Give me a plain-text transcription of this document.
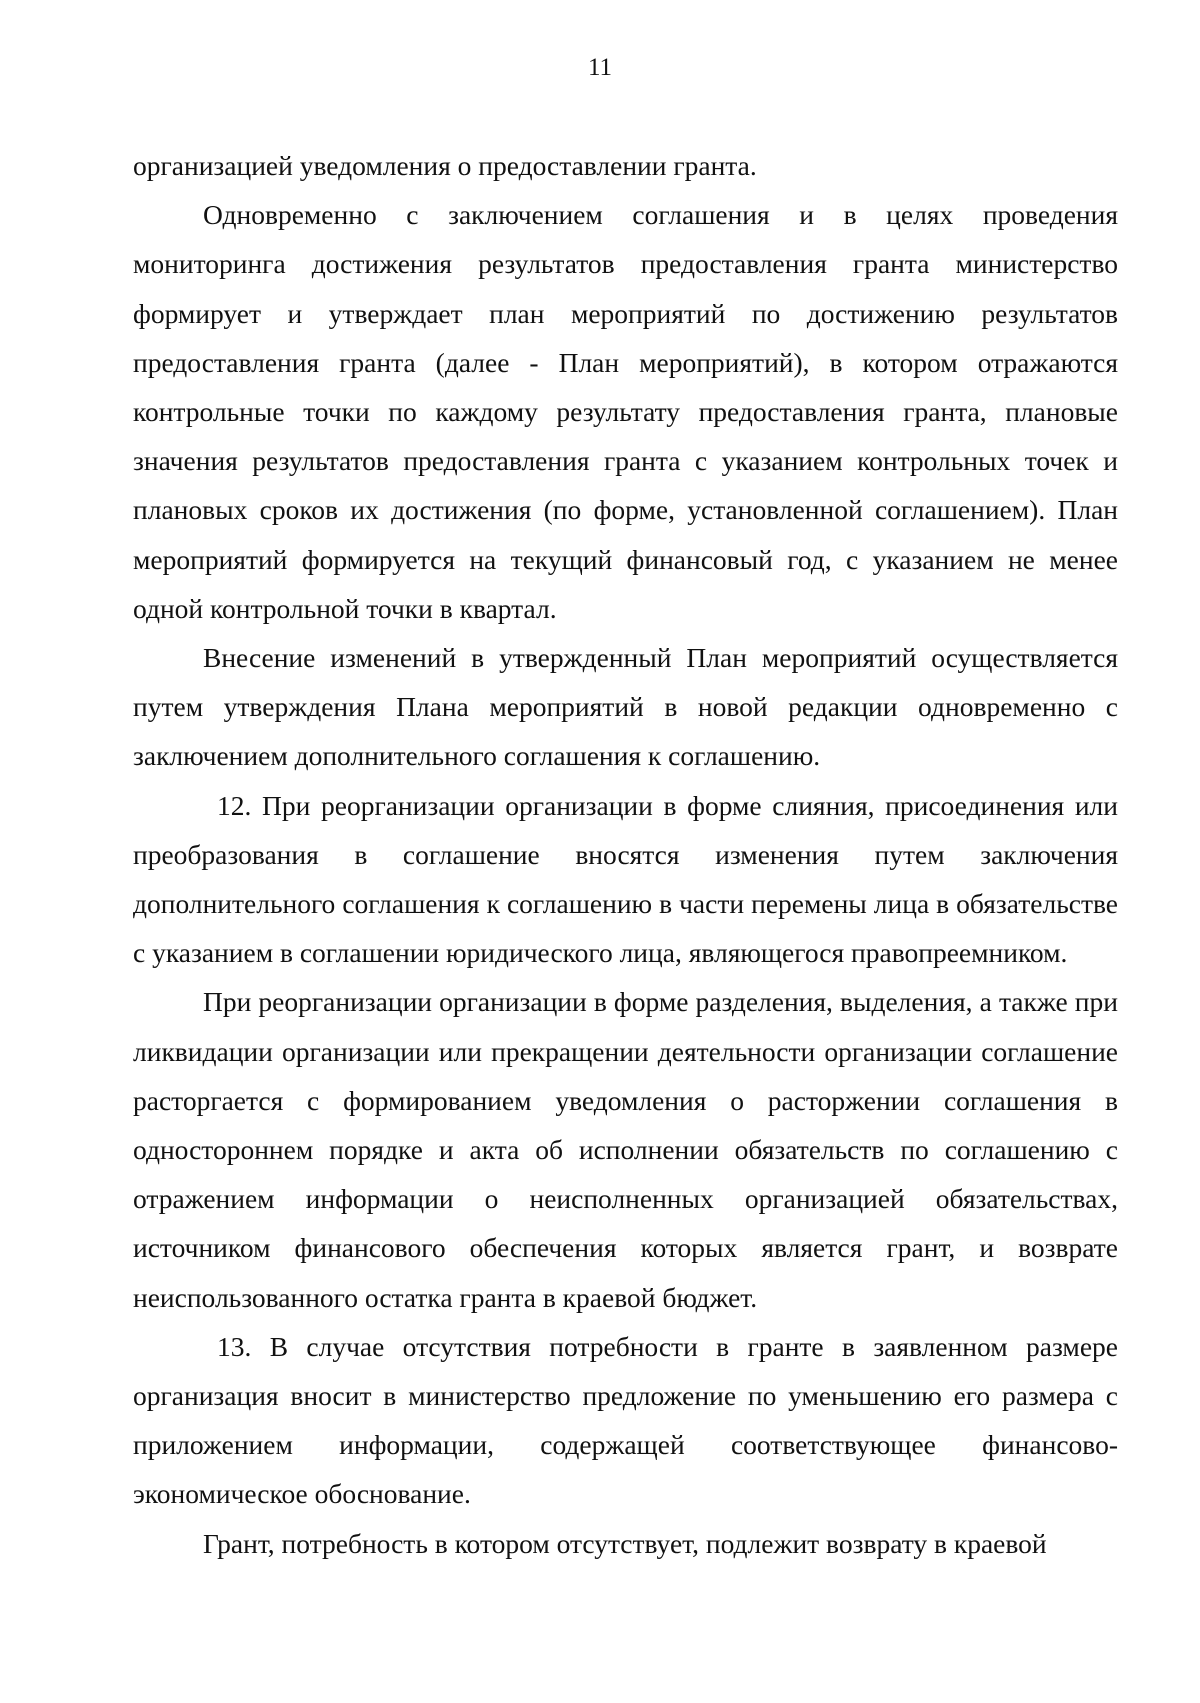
11

организацией уведомления о предоставлении гранта.

Одновременно с заключением соглашения и в целях проведения мониторинга достижения результатов предоставления гранта министерство формирует и утверждает план мероприятий по достижению результатов предоставления гранта (далее - План мероприятий), в котором отражаются контрольные точки по каждому результату предоставления гранта, плановые значения результатов предоставления гранта с указанием контрольных точек и плановых сроков их достижения (по форме, установленной соглашением). План мероприятий формируется на текущий финансовый год, с указанием не менее одной контрольной точки в квартал.

Внесение изменений в утвержденный План мероприятий осуществляется путем утверждения Плана мероприятий в новой редакции одновременно с заключением дополнительного соглашения к соглашению.

12. При реорганизации организации в форме слияния, присоединения или преобразования в соглашение вносятся изменения путем заключения дополнительного соглашения к соглашению в части перемены лица в обязательстве с указанием в соглашении юридического лица, являющегося правопреемником.

При реорганизации организации в форме разделения, выделения, а также при ликвидации организации или прекращении деятельности организации соглашение расторгается с формированием уведомления о расторжении соглашения в одностороннем порядке и акта об исполнении обязательств по соглашению с отражением информации о неисполненных организацией обязательствах, источником финансового обеспечения которых является грант, и возврате неиспользованного остатка гранта в краевой бюджет.

13. В случае отсутствия потребности в гранте в заявленном размере организация вносит в министерство предложение по уменьшению его размера с приложением информации, содержащей соответствующее финансово-экономическое обоснование.

Грант, потребность в котором отсутствует, подлежит возврату в краевой
